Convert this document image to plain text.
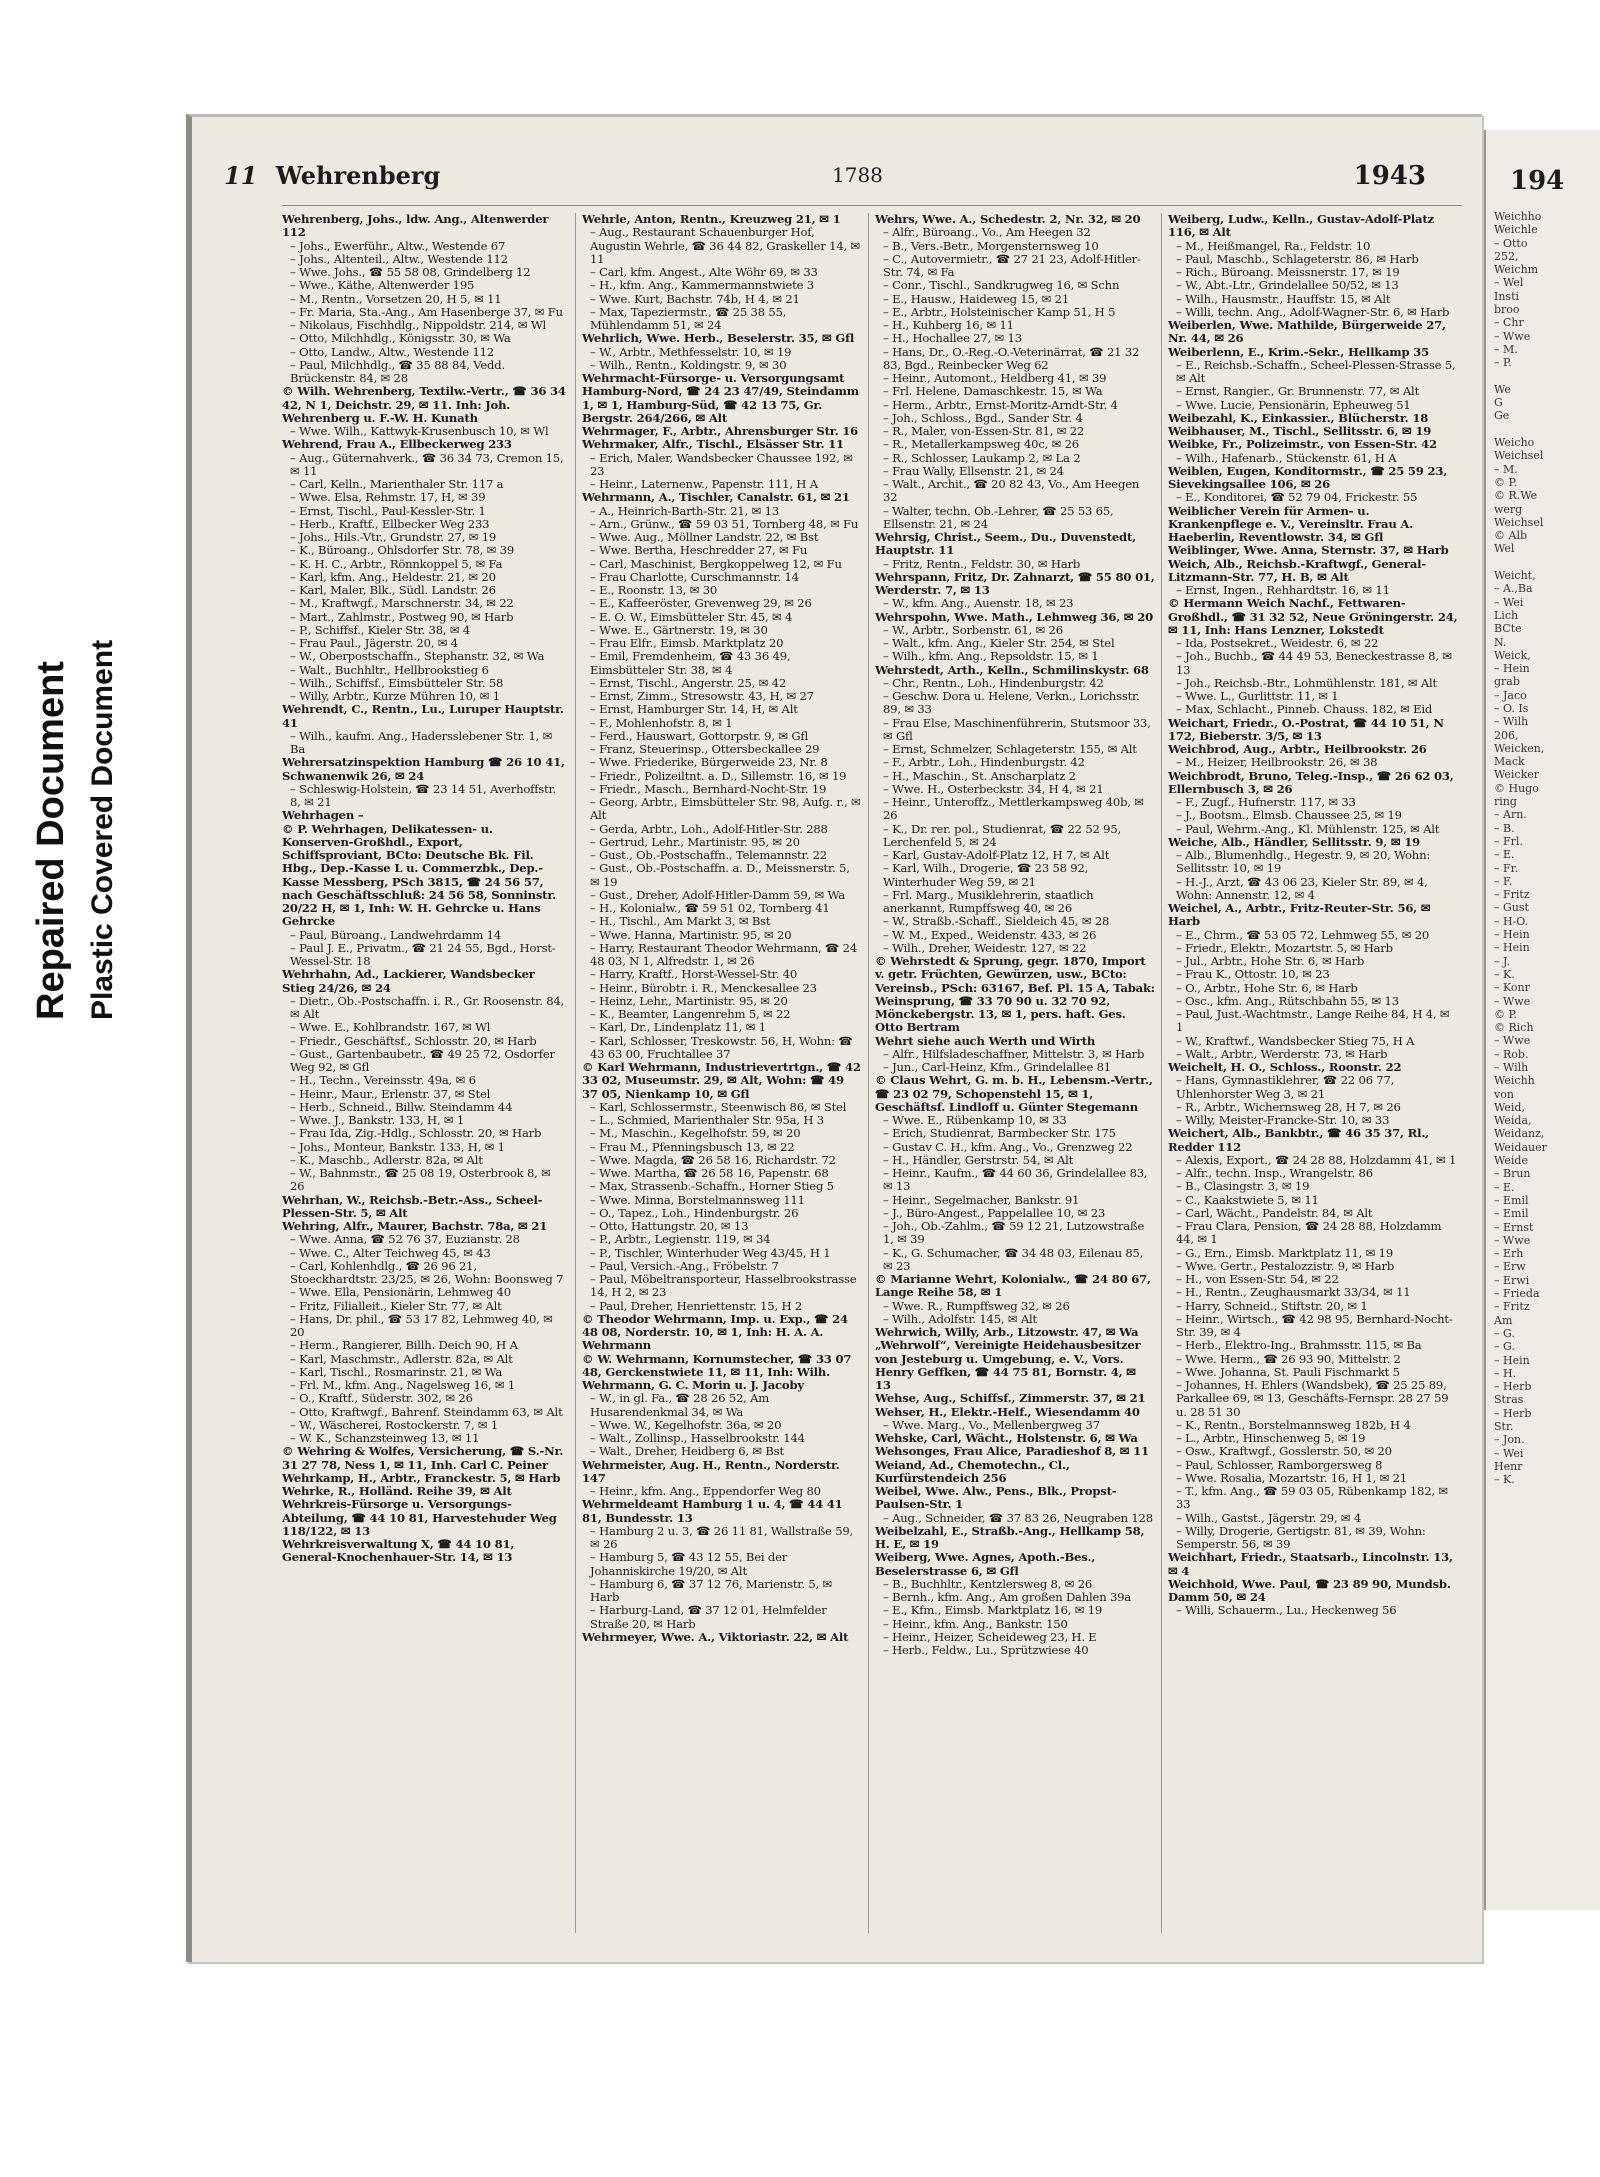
Repaired Document Plastic Covered Document
11 Wehrenberg	1788	1943

Wehrenberg, Johs., ldw. Ang., Altenwerder 112

– Johs., Ewerführ., Altw., Westende 67

– Johs., Altenteil., Altw., Westende 112

– Wwe. Johs., ☎ 55 58 08, Grindelberg 12

– Wwe., Käthe, Altenwerder 195

– M., Rentn., Vorsetzen 20, H 5, ✉ 11

– Fr. Maria, Sta.-Ang., Am Hasenberge 37, ✉ Fu

– Nikolaus, Fischhdlg., Nippoldstr. 214, ✉ Wl

– Otto, Milchhdlg., Königsstr. 30, ✉ Wa

– Otto, Landw., Altw., Westende 112

– Paul, Milchhdlg., ☎ 35 88 84, Vedd. Brückenstr. 84, ✉ 28

© Wilh. Wehrenberg, Textilw.-Vertr., ☎ 36 34 42, N 1, Deichstr. 29, ✉ 11. Inh: Joh. Wehrenberg u. F.-W. H. Kunath

– Wwe. Wilh., Kattwyk-Krusenbusch 10, ✉ Wl

Wehrend, Frau A., Ellbeckerweg 233

– Aug., Güternahverk., ☎ 36 34 73, Cremon 15, ✉ 11

– Carl, Kelln., Marienthaler Str. 117 a

– Wwe. Elsa, Rehmstr. 17, H, ✉ 39

– Ernst, Tischl., Paul-Kessler-Str. 1

– Herb., Kraftf., Ellbecker Weg 233

– Johs., Hils.-Vtr., Grundstr. 27, ✉ 19

– K., Büroang., Ohlsdorfer Str. 78, ✉ 39

– K. H. C., Arbtr., Rönnkoppel 5, ✉ Fa

– Karl, kfm. Ang., Heldestr. 21, ✉ 20

– Karl, Maler, Blk., Südl. Landstr. 26

– M., Kraftwgf., Marschnerstr. 34, ✉ 22

– Mart., Zahlmstr., Postweg 90, ✉ Harb

– P., Schiffsf., Kieler Str. 38, ✉ 4

– Frau Paul., Jägerstr. 20, ✉ 4

– W., Oberpostschaffn., Stephanstr. 32, ✉ Wa

– Walt., Buchhltr., Hellbrookstieg 6

– Wilh., Schiffsf., Eimsbütteler Str. 58

– Willy, Arbtr., Kurze Mühren 10, ✉ 1

Wehrendt, C., Rentn., Lu., Luruper Hauptstr. 41

– Wilh., kaufm. Ang., Hadersslebener Str. 1, ✉ Ba

Wehrersatzinspektion Hamburg ☎ 26 10 41, Schwanenwik 26, ✉ 24

– Schleswig-Holstein, ☎ 23 14 51, Averhoffstr. 8, ✉ 21

Wehrhagen –

© P. Wehrhagen, Delikatessen- u. Konserven-Großhdl., Export, Schiffsproviant, BCto: Deutsche Bk. Fil. Hbg., Dep.-Kasse L u. Commerzbk., Dep.-Kasse Messberg, PSch 3815, ☎ 24 56 57, nach Geschäftsschluß: 24 56 58, Sonninstr. 20/22 H, ✉ 1, Inh: W. H. Gehrcke u. Hans Gehrcke

– Paul, Büroang., Landwehrdamm 14

– Paul J. E., Privatm., ☎ 21 24 55, Bgd., Horst-Wessel-Str. 18

Wehrhahn, Ad., Lackierer, Wandsbecker Stieg 24/26, ✉ 24

– Dietr., Ob.-Postschaffn. i. R., Gr. Roosenstr. 84, ✉ Alt

– Wwe. E., Kohlbrandstr. 167, ✉ Wl

– Friedr., Geschäftsf., Schlosstr. 20, ✉ Harb

– Gust., Gartenbaubetr., ☎ 49 25 72, Osdorfer Weg 92, ✉ Gfl

– H., Techn., Vereinsstr. 49a, ✉ 6

– Heinr., Maur., Erlenstr. 37, ✉ Stel

– Herb., Schneid., Billw. Steindamm 44

– Wwe. J., Bankstr. 133, H, ✉ 1

– Frau Ida, Zig.-Hdlg., Schlosstr. 20, ✉ Harb

– Johs., Monteur, Bankstr. 133, H, ✉ 1

– K., Maschb., Adlerstr. 82a, ✉ Alt

– W., Bahnmstr., ☎ 25 08 19, Osterbrook 8, ✉ 26

Wehrhan, W., Reichsb.-Betr.-Ass., Scheel-Plessen-Str. 5, ✉ Alt

Wehring, Alfr., Maurer, Bachstr. 78a, ✉ 21

– Wwe. Anna, ☎ 52 76 37, Euzianstr. 28

– Wwe. C., Alter Teichweg 45, ✉ 43

– Carl, Kohlenhdlg., ☎ 26 96 21, Stoeckhardtstr. 23/25, ✉ 26, Wohn: Boonsweg 7

– Wwe. Ella, Pensionärin, Lehmweg 40

– Fritz, Filialleit., Kieler Str. 77, ✉ Alt

– Hans, Dr. phil., ☎ 53 17 82, Lehmweg 40, ✉ 20

– Herm., Rangierer, Billh. Deich 90, H A

– Karl, Maschmstr., Adlerstr. 82a, ✉ Alt

– Karl, Tischl., Rosmarinstr. 21, ✉ Wa

– Frl. M., kfm. Ang., Nagelsweg 16, ✉ 1

– O., Kraftf., Süderstr. 302, ✉ 26

– Otto, Kraftwgf., Bahrenf. Steindamm 63, ✉ Alt

– W., Wäscherei, Rostockerstr. 7, ✉ 1

– W. K., Schanzsteinweg 13, ✉ 11

© Wehring & Wolfes, Versicherung, ☎ S.-Nr. 31 27 78, Ness 1, ✉ 11, Inh. Carl C. Peiner

Wehrkamp, H., Arbtr., Franckestr. 5, ✉ Harb

Wehrke, R., Holländ. Reihe 39, ✉ Alt

Wehrkreis-Fürsorge u. Versorgungs-Abteilung, ☎ 44 10 81, Harvestehuder Weg 118/122, ✉ 13

Wehrkreisverwaltung X, ☎ 44 10 81, General-Knochenhauer-Str. 14, ✉ 13

Wehrle, Anton, Rentn., Kreuzweg 21, ✉ 1

– Aug., Restaurant Schauenburger Hof, Augustin Wehrle, ☎ 36 44 82, Graskeller 14, ✉ 11

– Carl, kfm. Angest., Alte Wöhr 69, ✉ 33

– H., kfm. Ang., Kammermannstwiete 3

– Wwe. Kurt, Bachstr. 74b, H 4, ✉ 21

– Max, Tapeziermstr., ☎ 25 38 55, Mühlendamm 51, ✉ 24

Wehrlich, Wwe. Herb., Beselerstr. 35, ✉ Gfl

– W., Arbtr., Methfesselstr. 10, ✉ 19

– Wilh., Rentn., Koldingstr. 9, ✉ 30

Wehrmacht-Fürsorge- u. Versorgungsamt Hamburg-Nord, ☎ 24 23 47/49, Steindamm 1, ✉ 1, Hamburg-Süd, ☎ 42 13 75, Gr. Bergstr. 264/266, ✉ Alt

Wehrmager, F., Arbtr., Ahrensburger Str. 16

Wehrmaker, Alfr., Tischl., Elsässer Str. 11

– Erich, Maler, Wandsbecker Chaussee 192, ✉ 23

– Heinr., Laternenw., Papenstr. 111, H A

Wehrmann, A., Tischler, Canalstr. 61, ✉ 21

– A., Heinrich-Barth-Str. 21, ✉ 13

– Arn., Grünw., ☎ 59 03 51, Tornberg 48, ✉ Fu

– Wwe. Aug., Möllner Landstr. 22, ✉ Bst

– Wwe. Bertha, Heschredder 27, ✉ Fu

– Carl, Maschinist, Bergkoppelweg 12, ✉ Fu

– Frau Charlotte, Curschmannstr. 14

– E., Roonstr. 13, ✉ 30

– E., Kaffeeröster, Grevenweg 29, ✉ 26

– E. O. W., Eimsbütteler Str. 45, ✉ 4

– Wwe. E., Gärtnerstr. 19, ✉ 30

– Frau Elfr., Eimsb. Marktplatz 20

– Emil, Fremdenheim, ☎ 43 36 49, Eimsbütteler Str. 38, ✉ 4

– Ernst, Tischl., Angerstr. 25, ✉ 42

– Ernst, Zimm., Stresowstr. 43, H, ✉ 27

– Ernst, Hamburger Str. 14, H, ✉ Alt

– F., Mohlenhofstr. 8, ✉ 1

– Ferd., Hauswart, Gottorpstr. 9, ✉ Gfl

– Franz, Steuerinsp., Ottersbeckallee 29

– Wwe. Friederike, Bürgerweide 23, Nr. 8

– Friedr., Polizeiltnt. a. D., Sillemstr. 16, ✉ 19

– Friedr., Masch., Bernhard-Nocht-Str. 19

– Georg, Arbtr., Eimsbütteler Str. 98, Aufg. r., ✉ Alt

– Gerda, Arbtr., Loh., Adolf-Hitler-Str. 288

– Gertrud, Lehr., Martinistr. 95, ✉ 20

– Gust., Ob.-Postschaffn., Telemannstr. 22

– Gust., Ob.-Postschaffn. a. D., Meissnerstr. 5, ✉ 19

– Gust., Dreher, Adolf-Hitler-Damm 59, ✉ Wa

– H., Kolonialw., ☎ 59 51 02, Tornberg 41

– H., Tischl., Am Markt 3, ✉ Bst

– Wwe. Hanna, Martinistr. 95, ✉ 20

– Harry, Restaurant Theodor Wehrmann, ☎ 24 48 03, N 1, Alfredstr. 1, ✉ 26

– Harry, Kraftf., Horst-Wessel-Str. 40

– Heinr., Bürobtr. i. R., Menckesallee 23

– Heinz, Lehr., Martinistr. 95, ✉ 20

– K., Beamter, Langenrehm 5, ✉ 22

– Karl, Dr., Lindenplatz 11, ✉ 1

– Karl, Schlosser, Treskowstr. 56, H, Wohn: ☎ 43 63 00, Fruchtallee 37

© Karl Wehrmann, Industrievertrtgn., ☎ 42 33 02, Museumstr. 29, ✉ Alt, Wohn: ☎ 49 37 05, Nienkamp 10, ✉ Gfl

– Karl, Schlossermstr., Steenwisch 86, ✉ Stel

– L., Schmied, Marienthaler Str. 95a, H 3

– M., Maschin., Kegelhofstr. 59, ✉ 20

– Frau M., Pfenningsbusch 13, ✉ 22

– Wwe. Magda, ☎ 26 58 16, Richardstr. 72

– Wwe. Martha, ☎ 26 58 16, Papenstr. 68

– Max, Strassenb.-Schaffn., Horner Stieg 5

– Wwe. Minna, Borstelmannsweg 111

– O., Tapez., Loh., Hindenburgstr. 26

– Otto, Hattungstr. 20, ✉ 13

– P., Arbtr., Legienstr. 119, ✉ 34

– P., Tischler, Winterhuder Weg 43/45, H 1

– Paul, Versich.-Ang., Fröbelstr. 7

– Paul, Möbeltransporteur, Hasselbrookstrasse 14, H 2, ✉ 23

– Paul, Dreher, Henriettenstr. 15, H 2

© Theodor Wehrmann, Imp. u. Exp., ☎ 24 48 08, Norderstr. 10, ✉ 1, Inh: H. A. A. Wehrmann

© W. Wehrmann, Kornumstecher, ☎ 33 07 48, Gerckenstwiete 11, ✉ 11, Inh: Wilh. Wehrmann, G. C. Morin u. J. Jacoby

– W., in gl. Fa., ☎ 28 26 52, Am Husarendenkmal 34, ✉ Wa

– Wwe. W., Kegelhofstr. 36a, ✉ 20

– Walt., Zollinsp., Hasselbrookstr. 144

– Walt., Dreher, Heidberg 6, ✉ Bst

Wehrmeister, Aug. H., Rentn., Norderstr. 147

– Heinr., kfm. Ang., Eppendorfer Weg 80

Wehrmeldeamt Hamburg 1 u. 4, ☎ 44 41 81, Bundesstr. 13

– Hamburg 2 u. 3, ☎ 26 11 81, Wallstraße 59, ✉ 26

– Hamburg 5, ☎ 43 12 55, Bei der Johanniskirche 19/20, ✉ Alt

– Hamburg 6, ☎ 37 12 76, Marienstr. 5, ✉ Harb

– Harburg-Land, ☎ 37 12 01, Helmfelder Straße 20, ✉ Harb

Wehrmeyer, Wwe. A., Viktoriastr. 22, ✉ Alt

Wehrs, Wwe. A., Schedestr. 2, Nr. 32, ✉ 20

– Alfr., Büroang., Vo., Am Heegen 32

– B., Vers.-Betr., Morgensternsweg 10

– C., Autovermietr., ☎ 27 21 23, Adolf-Hitler-Str. 74, ✉ Fa

– Conr., Tischl., Sandkrugweg 16, ✉ Schn

– E., Hausw., Haideweg 15, ✉ 21

– E., Arbtr., Holsteinischer Kamp 51, H 5

– H., Kuhberg 16, ✉ 11

– H., Hochallee 27, ✉ 13

– Hans, Dr., O.-Reg.-O.-Veterinärrat, ☎ 21 32 83, Bgd., Reinbecker Weg 62

– Heinr., Automont., Heldberg 41, ✉ 39

– Frl. Helene, Damaschkestr. 15, ✉ Wa

– Herm., Arbtr., Ernst-Moritz-Arndt-Str. 4

– Joh., Schloss., Bgd., Sander Str. 4

– R., Maler, von-Essen-Str. 81, ✉ 22

– R., Metallerkampsweg 40c, ✉ 26

– R., Schlosser, Laukamp 2, ✉ La 2

– Frau Wally, Ellsenstr. 21, ✉ 24

– Walt., Archit., ☎ 20 82 43, Vo., Am Heegen 32

– Walter, techn. Ob.-Lehrer, ☎ 25 53 65, Ellsenstr. 21, ✉ 24

Wehrsig, Christ., Seem., Du., Duvenstedt, Hauptstr. 11

– Fritz, Rentn., Feldstr. 30, ✉ Harb

Wehrspann, Fritz, Dr. Zahnarzt, ☎ 55 80 01, Werderstr. 7, ✉ 13

– W., kfm. Ang., Auenstr. 18, ✉ 23

Wehrspohn, Wwe. Math., Lehmweg 36, ✉ 20

– W., Arbtr., Sorbenstr. 61, ✉ 26

– Walt., kfm. Ang., Kieler Str. 254, ✉ Stel

– Wilh., kfm. Ang., Repsoldstr. 15, ✉ 1

Wehrstedt, Arth., Kelln., Schmilinskystr. 68

– Chr., Rentn., Loh., Hindenburgstr. 42

– Geschw. Dora u. Helene, Verkn., Lorichsstr. 89, ✉ 33

– Frau Else, Maschinenführerin, Stutsmoor 33, ✉ Gfl

– Ernst, Schmelzer, Schlageterstr. 155, ✉ Alt

– F., Arbtr., Loh., Hindenburgstr. 42

– H., Maschin., St. Anscharplatz 2

– Wwe. H., Osterbeckstr. 34, H 4, ✉ 21

– Heinr., Unteroffz., Mettlerkampsweg 40b, ✉ 26

– K., Dr. rer. pol., Studienrat, ☎ 22 52 95, Lerchenfeld 5, ✉ 24

– Karl, Gustav-Adolf-Platz 12, H 7, ✉ Alt

– Karl, Wilh., Drogerie, ☎ 23 58 92, Winterhuder Weg 59, ✉ 21

– Frl. Marg., Musiklehrerin, staatlich anerkannt, Rumpffsweg 40, ✉ 26

– W., Straßb.-Schaff., Sieldeich 45, ✉ 28

– W. M., Exped., Weidenstr. 433, ✉ 26

– Wilh., Dreher, Weidestr. 127, ✉ 22

© Wehrstedt & Sprung, gegr. 1870, Import v. getr. Früchten, Gewürzen, usw., BCto: Vereinsb., PSch: 63167, Bef. Pl. 15 A, Tabak: Weinsprung, ☎ 33 70 90 u. 32 70 92, Mönckebergstr. 13, ✉ 1, pers. haft. Ges. Otto Bertram

Wehrt siehe auch Werth und Wirth

– Alfr., Hilfsladeschaffner, Mittelstr. 3, ✉ Harb

– Jun., Carl-Heinz, Kfm., Grindelallee 81

© Claus Wehrt, G. m. b. H., Lebensm.-Vertr., ☎ 23 02 79, Schopenstehl 15, ✉ 1, Geschäftsf. Lindloff u. Günter Stegemann

– Wwe. E., Rübenkamp 10, ✉ 33

– Erich, Studienrat, Barmbecker Str. 175

– Gustav C. H., kfm. Ang., Vo., Grenzweg 22

– H., Händler, Gerstrstr. 54, ✉ Alt

– Heinr., Kaufm., ☎ 44 60 36, Grindelallee 83, ✉ 13

– Heinr., Segelmacher, Bankstr. 91

– J., Büro-Angest., Pappelallee 10, ✉ 23

– Joh., Ob.-Zahlm., ☎ 59 12 21, Lutzowstraße 1, ✉ 39

– K., G. Schumacher, ☎ 34 48 03, Eilenau 85, ✉ 23

© Marianne Wehrt, Kolonialw., ☎ 24 80 67, Lange Reihe 58, ✉ 1

– Wwe. R., Rumpffsweg 32, ✉ 26

– Wilh., Adolfstr. 145, ✉ Alt

Wehrwich, Willy, Arb., Litzowstr. 47, ✉ Wa

„Wehrwolf“, Vereinigte Heidehausbesitzer von Jesteburg u. Umgebung, e. V., Vors. Henry Geffken, ☎ 44 75 81, Bornstr. 4, ✉ 13

Wehse, Aug., Schiffsf., Zimmerstr. 37, ✉ 21

Wehser, H., Elektr.-Helf., Wiesendamm 40

– Wwe. Marg., Vo., Mellenbergweg 37

Wehske, Carl, Wächt., Holstenstr. 6, ✉ Wa

Wehsonges, Frau Alice, Paradieshof 8, ✉ 11

Weiand, Ad., Chemotechn., Cl., Kurfürstendeich 256

Weibel, Wwe. Alw., Pens., Blk., Propst-Paulsen-Str. 1

– Aug., Schneider, ☎ 37 83 26, Neugraben 128

Weibelzahl, E., Straßb.-Ang., Hellkamp 58, H. E, ✉ 19

Weiberg, Wwe. Agnes, Apoth.-Bes., Beselerstrasse 6, ✉ Gfl

– B., Buchhltr., Kentzlersweg 8, ✉ 26

– Bernh., kfm. Ang., Am großen Dahlen 39a

– E., Kfm., Eimsb. Marktplatz 16, ✉ 19

– Heinr., kfm. Ang., Bankstr. 150

– Heinr., Heizer, Scheideweg 23, H. E

– Herb., Feldw., Lu., Sprützwiese 40

Weiberg, Ludw., Kelln., Gustav-Adolf-Platz 116, ✉ Alt

– M., Heißmangel, Ra., Feldstr. 10

– Paul, Maschb., Schlageterstr. 86, ✉ Harb

– Rich., Büroang. Meissnerstr. 17, ✉ 19

– W., Abt.-Ltr., Grindelallee 50/52, ✉ 13

– Wilh., Hausmstr., Hauffstr. 15, ✉ Alt

– Willi, techn. Ang., Adolf-Wagner-Str. 6, ✉ Harb

Weiberlen, Wwe. Mathilde, Bürgerweide 27, Nr. 44, ✉ 26

Weiberlenn, E., Krim.-Sekr., Hellkamp 35

– E., Reichsb.-Schaffn., Scheel-Plessen-Strasse 5, ✉ Alt

– Ernst, Rangier., Gr. Brunnenstr. 77, ✉ Alt

– Wwe. Lucie, Pensionärin, Epheuweg 51

Weibezahl, K., Einkassier., Blücherstr. 18

Weibhauser, M., Tischl., Sellitsstr. 6, ✉ 19

Weibke, Fr., Polizeimstr., von Essen-Str. 42

– Wilh., Hafenarb., Stückenstr. 61, H A

Weiblen, Eugen, Konditormstr., ☎ 25 59 23, Sievekingsallee 106, ✉ 26

– E., Konditorei, ☎ 52 79 04, Frickestr. 55

Weiblicher Verein für Armen- u. Krankenpflege e. V., Vereinsltr. Frau A. Haeberlin, Reventlowstr. 34, ✉ Gfl

Weiblinger, Wwe. Anna, Sternstr. 37, ✉ Harb

Weich, Alb., Reichsb.-Kraftwgf., General-Litzmann-Str. 77, H. B, ✉ Alt

– Ernst, Ingen., Rehhardtstr. 16, ✉ 11

© Hermann Weich Nachf., Fettwaren-Großhdl., ☎ 31 32 52, Neue Gröningerstr. 24, ✉ 11, Inh: Hans Lenzner, Lokstedt

– Ida, Postsekret., Weidestr. 6, ✉ 22

– Joh., Buchb., ☎ 44 49 53, Beneckestrasse 8, ✉ 13

– Joh., Reichsb.-Btr., Lohmühlenstr. 181, ✉ Alt

– Wwe. L., Gurlittstr. 11, ✉ 1

– Max, Schlacht., Pinneb. Chauss. 182, ✉ Eid

Weichart, Friedr., O.-Postrat, ☎ 44 10 51, N 172, Bieberstr. 3/5, ✉ 13

Weichbrod, Aug., Arbtr., Heilbrookstr. 26

– M., Heizer, Heilbrookstr. 26, ✉ 38

Weichbrodt, Bruno, Teleg.-Insp., ☎ 26 62 03, Ellernbusch 3, ✉ 26

– F., Zugf., Hufnerstr. 117, ✉ 33

– J., Bootsm., Elmsb. Chaussee 25, ✉ 19

– Paul, Wehrm.-Ang., Kl. Mühlenstr. 125, ✉ Alt

Weiche, Alb., Händler, Sellitsstr. 9, ✉ 19

– Alb., Blumenhdlg., Hegestr. 9, ✉ 20, Wohn: Sellitsstr. 10, ✉ 19

– H.-J., Arzt, ☎ 43 06 23, Kieler Str. 89, ✉ 4, Wohn: Annenstr. 12, ✉ 4

Weichel, A., Arbtr., Fritz-Reuter-Str. 56, ✉ Harb

– E., Chrm., ☎ 53 05 72, Lehmweg 55, ✉ 20

– Friedr., Elektr., Mozartstr. 5, ✉ Harb

– Jul., Arbtr., Hohe Str. 6, ✉ Harb

– Frau K., Ottostr. 10, ✉ 23

– O., Arbtr., Hohe Str. 6, ✉ Harb

– Osc., kfm. Ang., Rütschbahn 55, ✉ 13

– Paul, Just.-Wachtmstr., Lange Reihe 84, H 4, ✉ 1

– W., Kraftwf., Wandsbecker Stieg 75, H A

– Walt., Arbtr., Werderstr. 73, ✉ Harb

Weichelt, H. O., Schloss., Roonstr. 22

– Hans, Gymnastiklehrer, ☎ 22 06 77, Uhlenhorster Weg 3, ✉ 21

– R., Arbtr., Wichernsweg 28, H 7, ✉ 26

– Willy, Meister-Francke-Str. 10, ✉ 33

Weichert, Alb., Bankbtr., ☎ 46 35 37, Rl., Redder 112

– Alexis, Export., ☎ 24 28 88, Holzdamm 41, ✉ 1

– Alfr., techn. Insp., Wrangelstr. 86

– B., Clasingstr. 3, ✉ 19

– C., Kaakstwiete 5, ✉ 11

– Carl, Wächt., Pandelstr. 84, ✉ Alt

– Frau Clara, Pension, ☎ 24 28 88, Holzdamm 44, ✉ 1

– G., Ern., Eimsb. Marktplatz 11, ✉ 19

– Wwe. Gertr., Pestalozzistr. 9, ✉ Harb

– H., von Essen-Str. 54, ✉ 22

– H., Rentn., Zeughausmarkt 33/34, ✉ 11

– Harry, Schneid., Stiftstr. 20, ✉ 1

– Heinr., Wirtsch., ☎ 42 98 95, Bernhard-Nocht-Str. 39, ✉ 4

– Herb., Elektro-Ing., Brahmsstr. 115, ✉ Ba

– Wwe. Herm., ☎ 26 93 90, Mittelstr. 2

– Wwe. Johanna, St. Pauli Fischmarkt 5

– Johannes, H. Ehlers (Wandsbek), ☎ 25 25 89, Parkallee 69, ✉ 13, Geschäfts-Fernspr. 28 27 59 u. 28 51 30

– K., Rentn., Borstelmannsweg 182b, H 4

– L., Arbtr., Hinschenweg 5, ✉ 19

– Osw., Kraftwgf., Gosslerstr. 50, ✉ 20

– Paul, Schlosser, Ramborgersweg 8

– Wwe. Rosalia, Mozartstr. 16, H 1, ✉ 21

– T., kfm. Ang., ☎ 59 03 05, Rübenkamp 182, ✉ 33

– Wilh., Gastst., Jägerstr. 29, ✉ 4

– Willy, Drogerie, Gertigstr. 81, ✉ 39, Wohn: Semperstr. 56, ✉ 39

Weichhart, Friedr., Staatsarb., Lincolnstr. 13, ✉ 4

Weichhold, Wwe. Paul, ☎ 23 89 90, Mundsb. Damm 50, ✉ 24

– Willi, Schauerm., Lu., Heckenweg 56

194
Weichho
Weichle
– Otto
252,
Weichm
– Wel
Insti
broo
– Chr
– Wwe
– M.
– P.
We
G
Ge
Weicho
Weichsel
– M.
© P.
© R.We
werg
Weichsel
© Alb
Wel
Weicht,
– A.,Ba
– Wei
Lich
BCte
N.
Weick,
– Hein
grab
– Jaco
– O. Is
– Wilh
206,
Weicken,
Mack
Weicker
© Hugo
ring
– Arn.
– B.
– Frl.
– E.
– Fr.
– F.
– Fritz
– Gust
– H-O.
– Hein
– Hein
– J.
– K.
– Konr
– Wwe
© P.
© Rich
– Wwe
– Rob.
– Wilh
Weichh
von
Weid,
Weida,
Weidanz,
Weidauer
Weide
– Brun
– E.
– Emil
– Emil
– Ernst
– Wwe
– Erh
– Erw
– Erwi
– Frieda
– Fritz
Am
– G.
– G.
– Hein
– H.
– Herb
Stras
– Herb
Str.
– Jon.
– Wei
Henr
– K.
